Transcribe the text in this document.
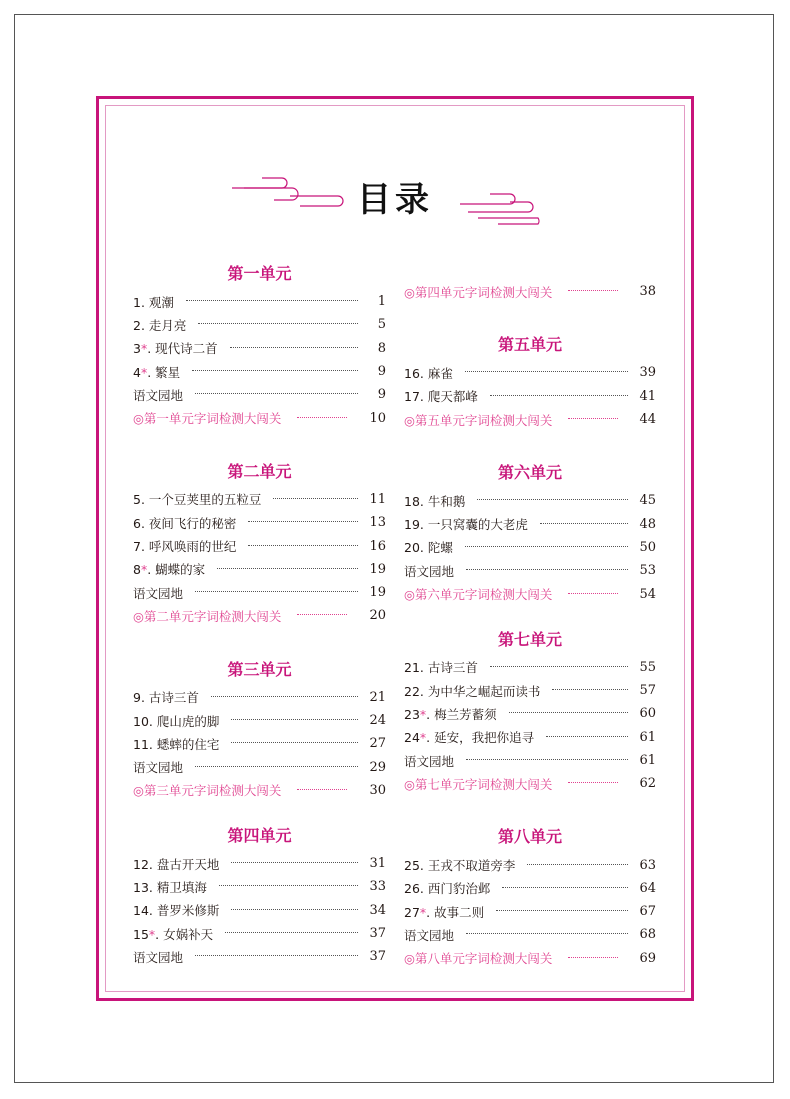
目录
第一单元
1. 观潮	1
2. 走月亮	5
3*. 现代诗二首	8
4*. 繁星	9
语文园地	9
◎第一单元字词检测大闯关	10
第二单元
5. 一个豆荚里的五粒豆	11
6. 夜间飞行的秘密	13
7. 呼风唤雨的世纪	16
8*. 蝴蝶的家	19
语文园地	19
◎第二单元字词检测大闯关	20
第三单元
9. 古诗三首	21
10. 爬山虎的脚	24
11. 蟋蟀的住宅	27
语文园地	29
◎第三单元字词检测大闯关	30
第四单元
12. 盘古开天地	31
13. 精卫填海	33
14. 普罗米修斯	34
15*. 女娲补天	37
语文园地	37
◎第四单元字词检测大闯关	38
第五单元
16. 麻雀	39
17. 爬天都峰	41
◎第五单元字词检测大闯关	44
第六单元
18. 牛和鹅	45
19. 一只窝囊的大老虎	48
20. 陀螺	50
语文园地	53
◎第六单元字词检测大闯关	54
第七单元
21. 古诗三首	55
22. 为中华之崛起而读书	57
23*. 梅兰芳蓄须	60
24*. 延安，我把你追寻	61
语文园地	61
◎第七单元字词检测大闯关	62
第八单元
25. 王戎不取道旁李	63
26. 西门豹治邺	64
27*. 故事二则	67
语文园地	68
◎第八单元字词检测大闯关	69
